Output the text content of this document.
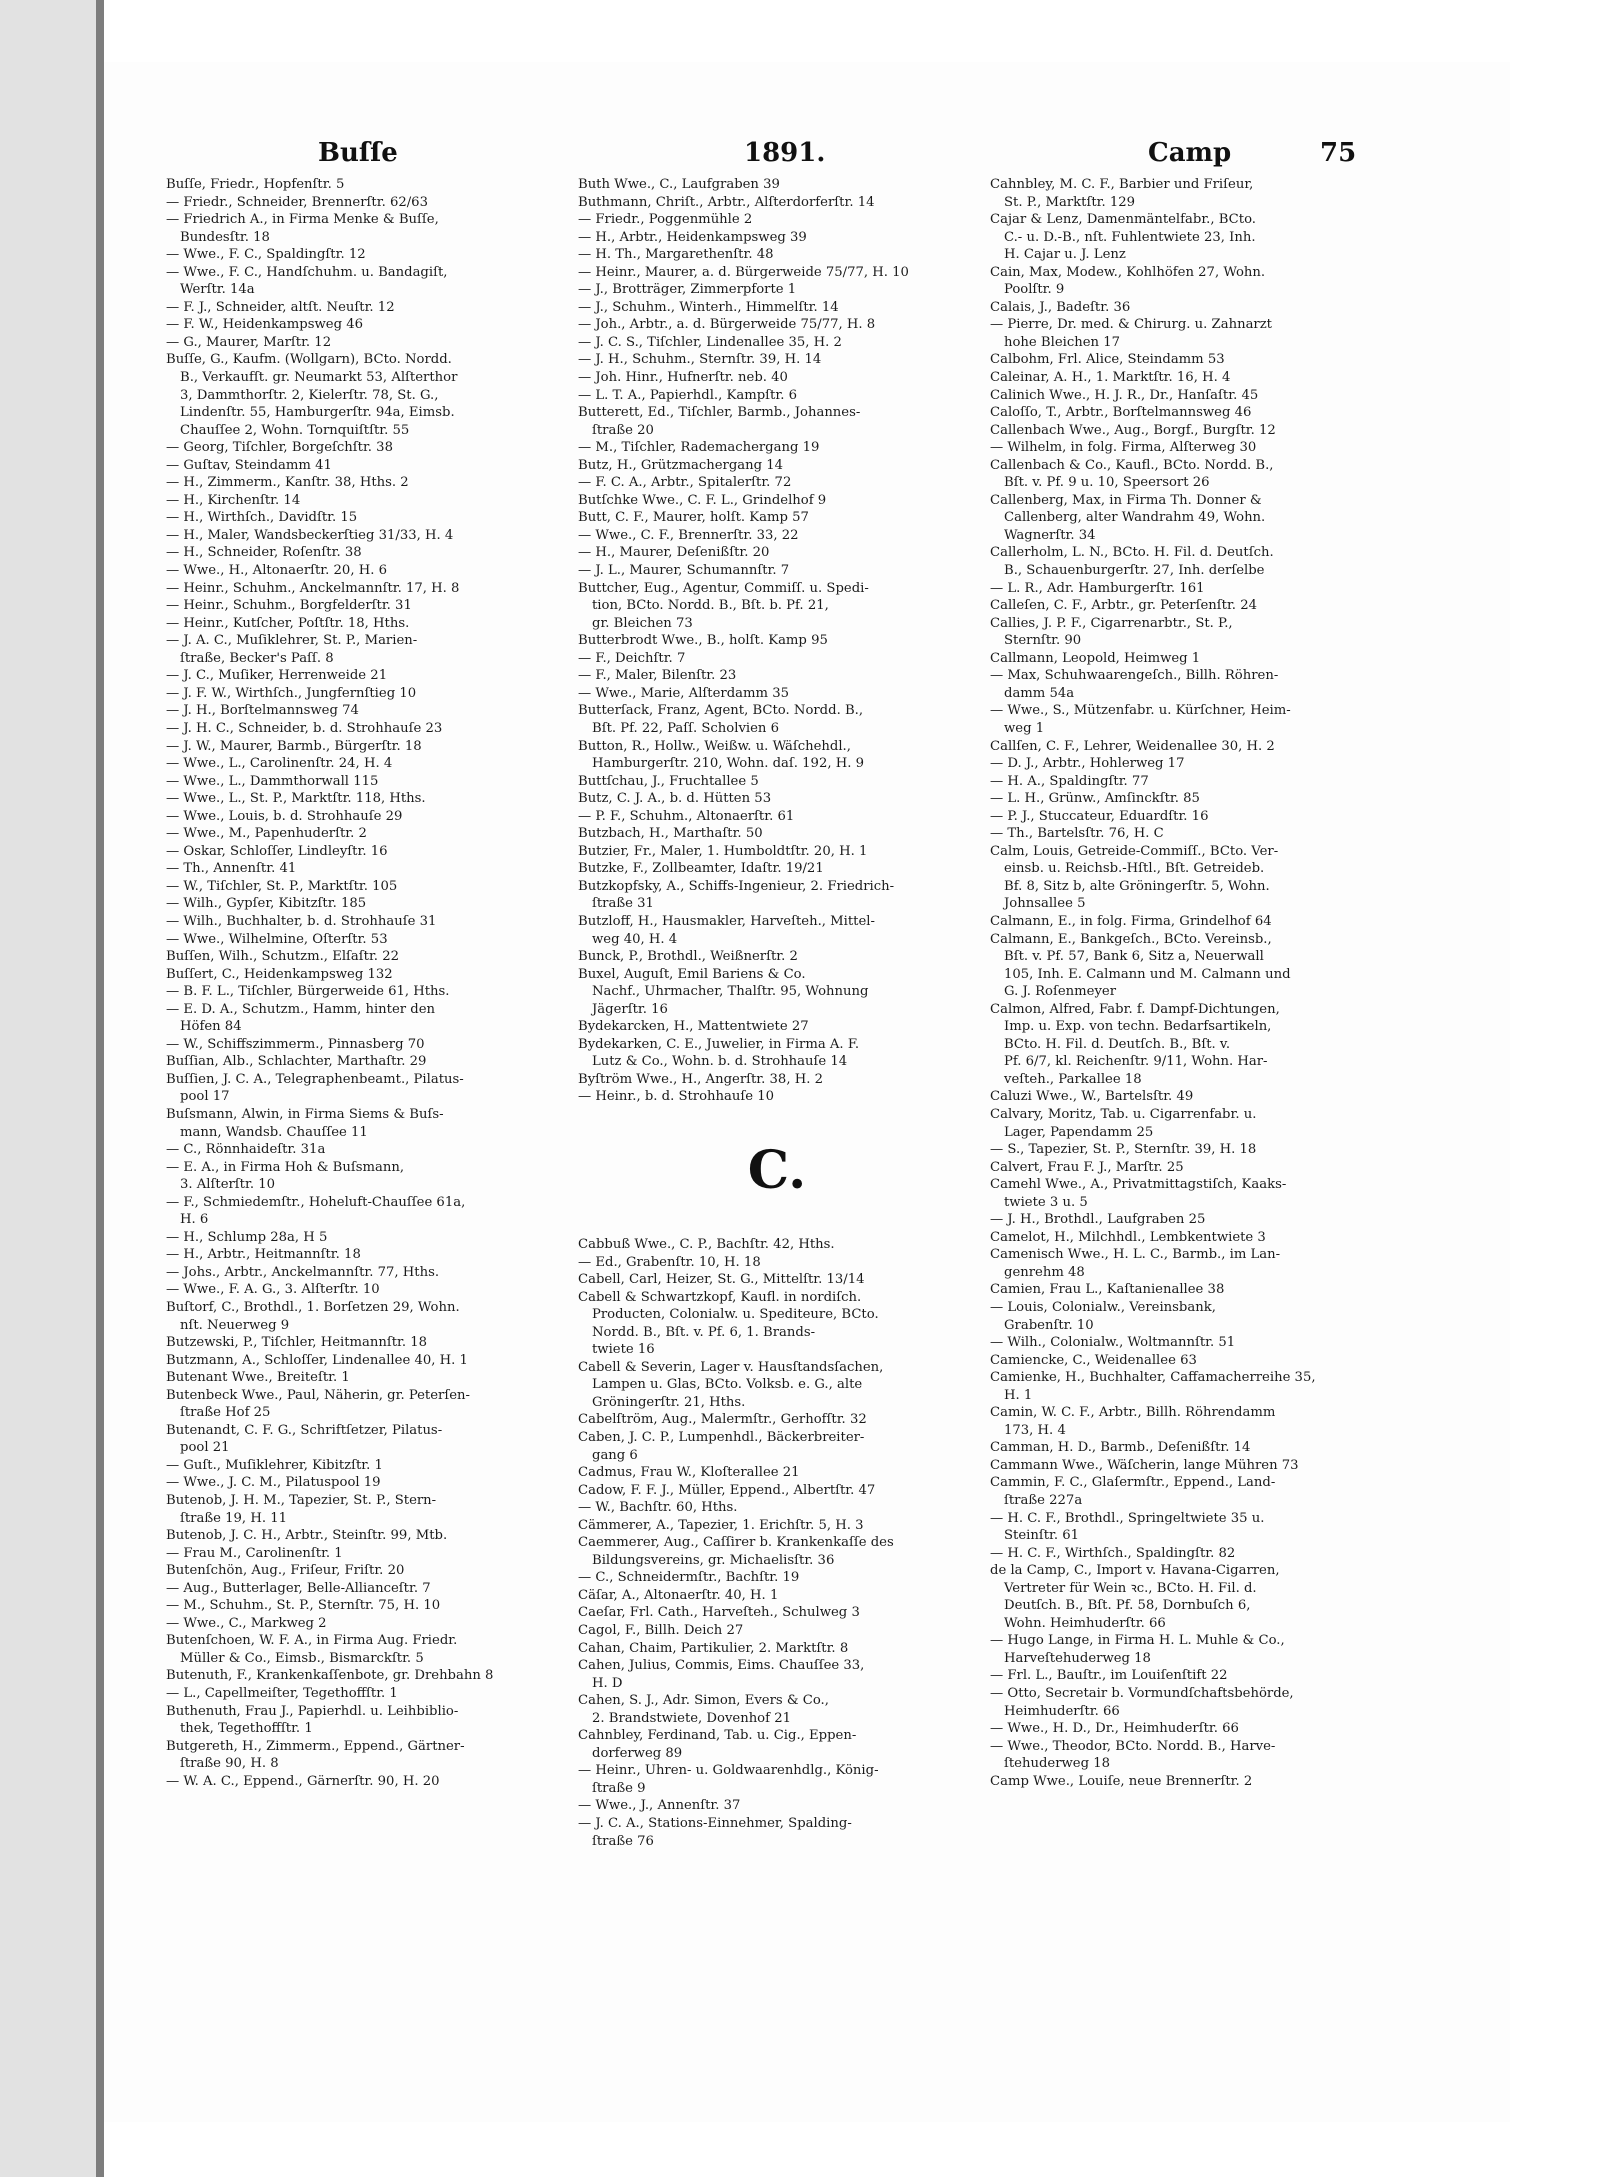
Buſſe	1891.	Camp	75

Buſſe, Friedr., Hopfenſtr. 5

— Friedr., Schneider, Brennerſtr. 62/63

— Friedrich A., in Firma Menke & Buſſe,

Bundesſtr. 18

— Wwe., F. C., Spaldingſtr. 12

— Wwe., F. C., Handſchuhm. u. Bandagiſt,

Werſtr. 14a

— F. J., Schneider, altſt. Neuſtr. 12

— F. W., Heidenkampsweg 46

— G., Maurer, Marſtr. 12

Buſſe, G., Kaufm. (Wollgarn), BCto. Nordd.

B., Verkaufſt. gr. Neumarkt 53, Alſterthor

3, Dammthorſtr. 2, Kielerſtr. 78, St. G.,

Lindenſtr. 55, Hamburgerſtr. 94a, Eimsb.

Chauſſee 2, Wohn. Tornquiſtſtr. 55

— Georg, Tiſchler, Borgeſchſtr. 38

— Guſtav, Steindamm 41

— H., Zimmerm., Kanſtr. 38, Hths. 2

— H., Kirchenſtr. 14

— H., Wirthſch., Davidſtr. 15

— H., Maler, Wandsbeckerſtieg 31/33, H. 4

— H., Schneider, Roſenſtr. 38

— Wwe., H., Altonaerſtr. 20, H. 6

— Heinr., Schuhm., Anckelmannſtr. 17, H. 8

— Heinr., Schuhm., Borgfelderſtr. 31

— Heinr., Kutſcher, Poſtſtr. 18, Hths.

— J. A. C., Muſiklehrer, St. P., Marien-

ſtraße, Becker's Paſſ. 8

— J. C., Muſiker, Herrenweide 21

— J. F. W., Wirthſch., Jungfernſtieg 10

— J. H., Borſtelmannsweg 74

— J. H. C., Schneider, b. d. Strohhauſe 23

— J. W., Maurer, Barmb., Bürgerſtr. 18

— Wwe., L., Carolinenſtr. 24, H. 4

— Wwe., L., Dammthorwall 115

— Wwe., L., St. P., Marktſtr. 118, Hths.

— Wwe., Louis, b. d. Strohhauſe 29

— Wwe., M., Papenhuderſtr. 2

— Oskar, Schloſſer, Lindleyſtr. 16

— Th., Annenſtr. 41

— W., Tiſchler, St. P., Marktſtr. 105

— Wilh., Gypſer, Kibitzſtr. 185

— Wilh., Buchhalter, b. d. Strohhauſe 31

— Wwe., Wilhelmine, Oſterſtr. 53

Buſſen, Wilh., Schutzm., Elſaſtr. 22

Buſſert, C., Heidenkampsweg 132

— B. F. L., Tiſchler, Bürgerweide 61, Hths.

— E. D. A., Schutzm., Hamm, hinter den

Höfen 84

— W., Schiffszimmerm., Pinnasberg 70

Buſſian, Alb., Schlachter, Marthaſtr. 29

Buſſien, J. C. A., Telegraphenbeamt., Pilatus-

pool 17

Buſsmann, Alwin, in Firma Siems & Buſs-

mann, Wandsb. Chauſſee 11

— C., Rönnhaideſtr. 31a

— E. A., in Firma Hoh & Buſsmann,

3. Alſterſtr. 10

— F., Schmiedemſtr., Hoheluft-Chauſſee 61a,

H. 6

— H., Schlump 28a, H 5

— H., Arbtr., Heitmannſtr. 18

— Johs., Arbtr., Anckelmannſtr. 77, Hths.

— Wwe., F. A. G., 3. Alſterſtr. 10

Buſtorf, C., Brothdl., 1. Borſetzen 29, Wohn.

nſt. Neuerweg 9

Butzewski, P., Tiſchler, Heitmannſtr. 18

Butzmann, A., Schloſſer, Lindenallee 40, H. 1

Butenant Wwe., Breiteſtr. 1

Butenbeck Wwe., Paul, Näherin, gr. Peterſen-

ſtraße Hof 25

Butenandt, C. F. G., Schriftſetzer, Pilatus-

pool 21

— Guſt., Muſiklehrer, Kibitzſtr. 1

— Wwe., J. C. M., Pilatuspool 19

Butenob, J. H. M., Tapezier, St. P., Stern-

ſtraße 19, H. 11

Butenob, J. C. H., Arbtr., Steinſtr. 99, Mtb.

— Frau M., Carolinenſtr. 1

Butenſchön, Aug., Friſeur, Friſtr. 20

— Aug., Butterlager, Belle-Allianceſtr. 7

— M., Schuhm., St. P., Sternſtr. 75, H. 10

— Wwe., C., Markweg 2

Butenſchoen, W. F. A., in Firma Aug. Friedr.

Müller & Co., Eimsb., Bismarckſtr. 5

Butenuth, F., Krankenkaſſenbote, gr. Drehbahn 8

— L., Capellmeiſter, Tegethoffſtr. 1

Buthenuth, Frau J., Papierhdl. u. Leihbiblio-

thek, Tegethoffſtr. 1

Butgereth, H., Zimmerm., Eppend., Gärtner-

ſtraße 90, H. 8

— W. A. C., Eppend., Gärnerſtr. 90, H. 20

Buth Wwe., C., Laufgraben 39

Buthmann, Chriſt., Arbtr., Alſterdorferſtr. 14

— Friedr., Poggenmühle 2

— H., Arbtr., Heidenkampsweg 39

— H. Th., Margarethenſtr. 48

— Heinr., Maurer, a. d. Bürgerweide 75/77, H. 10

— J., Brotträger, Zimmerpforte 1

— J., Schuhm., Winterh., Himmelſtr. 14

— Joh., Arbtr., a. d. Bürgerweide 75/77, H. 8

— J. C. S., Tiſchler, Lindenallee 35, H. 2

— J. H., Schuhm., Sternſtr. 39, H. 14

— Joh. Hinr., Hufnerſtr. neb. 40

— L. T. A., Papierhdl., Kampſtr. 6

Butterett, Ed., Tiſchler, Barmb., Johannes-

ſtraße 20

— M., Tiſchler, Rademachergang 19

Butz, H., Grützmachergang 14

— F. C. A., Arbtr., Spitalerſtr. 72

Butſchke Wwe., C. F. L., Grindelhof 9

Butt, C. F., Maurer, holſt. Kamp 57

— Wwe., C. F., Brennerſtr. 33, 22

— H., Maurer, Deſenißſtr. 20

— J. L., Maurer, Schumannſtr. 7

Buttcher, Eug., Agentur, Commiſſ. u. Spedi-

tion, BCto. Nordd. B., Bſt. b. Pf. 21,

gr. Bleichen 73

Butterbrodt Wwe., B., holſt. Kamp 95

— F., Deichſtr. 7

— F., Maler, Bilenſtr. 23

— Wwe., Marie, Alſterdamm 35

Butterſack, Franz, Agent, BCto. Nordd. B.,

Bſt. Pf. 22, Paſſ. Scholvien 6

Button, R., Hollw., Weißw. u. Wäſchehdl.,

Hamburgerſtr. 210, Wohn. daſ. 192, H. 9

Buttſchau, J., Fruchtallee 5

Butz, C. J. A., b. d. Hütten 53

— P. F., Schuhm., Altonaerſtr. 61

Butzbach, H., Marthaſtr. 50

Butzier, Fr., Maler, 1. Humboldtſtr. 20, H. 1

Butzke, F., Zollbeamter, Idaſtr. 19/21

Butzkopfsky, A., Schiffs-Ingenieur, 2. Friedrich-

ſtraße 31

Butzloff, H., Hausmakler, Harveſteh., Mittel-

weg 40, H. 4

Bunck, P., Brothdl., Weißnerſtr. 2

Buxel, Auguſt, Emil Bariens & Co.

Nachf., Uhrmacher, Thalſtr. 95, Wohnung

Jägerſtr. 16

Bydekarcken, H., Mattentwiete 27

Bydekarken, C. E., Juwelier, in Firma A. F.

Lutz & Co., Wohn. b. d. Strohhauſe 14

Byſtröm Wwe., H., Angerſtr. 38, H. 2

— Heinr., b. d. Strohhauſe 10

C.

Cabbuß Wwe., C. P., Bachſtr. 42, Hths.

— Ed., Grabenſtr. 10, H. 18

Cabell, Carl, Heizer, St. G., Mittelſtr. 13/14

Cabell & Schwartzkopf, Kaufl. in nordiſch.

Producten, Colonialw. u. Spediteure, BCto.

Nordd. B., Bſt. v. Pf. 6, 1. Brands-

twiete 16

Cabell & Severin, Lager v. Hausſtandsſachen,

Lampen u. Glas, BCto. Volksb. e. G., alte

Gröningerſtr. 21, Hths.

Cabelſtröm, Aug., Malermſtr., Gerhofſtr. 32

Caben, J. C. P., Lumpenhdl., Bäckerbreiter-

gang 6

Cadmus, Frau W., Kloſterallee 21

Cadow, F. F. J., Müller, Eppend., Albertſtr. 47

— W., Bachſtr. 60, Hths.

Cämmerer, A., Tapezier, 1. Erichſtr. 5, H. 3

Caemmerer, Aug., Caſſirer b. Krankenkaſſe des

Bildungsvereins, gr. Michaelisſtr. 36

— C., Schneidermſtr., Bachſtr. 19

Cäſar, A., Altonaerſtr. 40, H. 1

Caeſar, Frl. Cath., Harveſteh., Schulweg 3

Cagol, F., Billh. Deich 27

Cahan, Chaim, Partikulier, 2. Marktſtr. 8

Cahen, Julius, Commis, Eims. Chauſſee 33,

H. D

Cahen, S. J., Adr. Simon, Evers & Co.,

2. Brandstwiete, Dovenhof 21

Cahnbley, Ferdinand, Tab. u. Cig., Eppen-

dorferweg 89

— Heinr., Uhren- u. Goldwaarenhdlg., König-

ſtraße 9

— Wwe., J., Annenſtr. 37

— J. C. A., Stations-Einnehmer, Spalding-

ſtraße 76

Cahnbley, M. C. F., Barbier und Friſeur,

St. P., Marktſtr. 129

Cajar & Lenz, Damenmäntelfabr., BCto.

C.- u. D.-B., nſt. Fuhlentwiete 23, Inh.

H. Cajar u. J. Lenz

Cain, Max, Modew., Kohlhöfen 27, Wohn.

Poolſtr. 9

Calais, J., Badeſtr. 36

— Pierre, Dr. med. & Chirurg. u. Zahnarzt

hohe Bleichen 17

Calbohm, Frl. Alice, Steindamm 53

Caleinar, A. H., 1. Marktſtr. 16, H. 4

Calinich Wwe., H. J. R., Dr., Hanſaſtr. 45

Caloſſo, T., Arbtr., Borſtelmannsweg 46

Callenbach Wwe., Aug., Borgf., Burgſtr. 12

— Wilhelm, in folg. Firma, Alſterweg 30

Callenbach & Co., Kaufl., BCto. Nordd. B.,

Bſt. v. Pf. 9 u. 10, Speersort 26

Callenberg, Max, in Firma Th. Donner &

Callenberg, alter Wandrahm 49, Wohn.

Wagnerſtr. 34

Callerholm, L. N., BCto. H. Fil. d. Deutſch.

B., Schauenburgerſtr. 27, Inh. derſelbe

— L. R., Adr. Hamburgerſtr. 161

Calleſen, C. F., Arbtr., gr. Peterſenſtr. 24

Callies, J. P. F., Cigarrenarbtr., St. P.,

Sternſtr. 90

Callmann, Leopold, Heimweg 1

— Max, Schuhwaarengeſch., Billh. Röhren-

damm 54a

— Wwe., S., Mützenfabr. u. Kürſchner, Heim-

weg 1

Callſen, C. F., Lehrer, Weidenallee 30, H. 2

— D. J., Arbtr., Hohlerweg 17

— H. A., Spaldingſtr. 77

— L. H., Grünw., Amſinckſtr. 85

— P. J., Stuccateur, Eduardſtr. 16

— Th., Bartelsſtr. 76, H. C

Calm, Louis, Getreide-Commiſſ., BCto. Ver-

einsb. u. Reichsb.-Hſtl., Bſt. Getreideb.

Bf. 8, Sitz b, alte Gröningerſtr. 5, Wohn.

Johnsallee 5

Calmann, E., in folg. Firma, Grindelhof 64

Calmann, E., Bankgeſch., BCto. Vereinsb.,

Bſt. v. Pf. 57, Bank 6, Sitz a, Neuerwall

105, Inh. E. Calmann und M. Calmann und

G. J. Roſenmeyer

Calmon, Alfred, Fabr. f. Dampf-Dichtungen,

Imp. u. Exp. von techn. Bedarfsartikeln,

BCto. H. Fil. d. Deutſch. B., Bſt. v.

Pf. 6/7, kl. Reichenſtr. 9/11, Wohn. Har-

veſteh., Parkallee 18

Caluzi Wwe., W., Bartelsſtr. 49

Calvary, Moritz, Tab. u. Cigarrenfabr. u.

Lager, Papendamm 25

— S., Tapezier, St. P., Sternſtr. 39, H. 18

Calvert, Frau F. J., Marſtr. 25

Camehl Wwe., A., Privatmittagstiſch, Kaaks-

twiete 3 u. 5

— J. H., Brothdl., Laufgraben 25

Camelot, H., Milchhdl., Lembkentwiete 3

Camenisch Wwe., H. L. C., Barmb., im Lan-

genrehm 48

Camien, Frau L., Kaſtanienallee 38

— Louis, Colonialw., Vereinsbank,

Grabenſtr. 10

— Wilh., Colonialw., Woltmannſtr. 51

Camiencke, C., Weidenallee 63

Camienke, H., Buchhalter, Caffamacherreihe 35,

H. 1

Camin, W. C. F., Arbtr., Billh. Röhrendamm

173, H. 4

Camman, H. D., Barmb., Deſenißſtr. 14

Cammann Wwe., Wäſcherin, lange Mühren 73

Cammin, F. C., Glaſermſtr., Eppend., Land-

ſtraße 227a

— H. C. F., Brothdl., Springeltwiete 35 u.

Steinſtr. 61

— H. C. F., Wirthſch., Spaldingſtr. 82

de la Camp, C., Import v. Havana-Cigarren,

Vertreter für Wein ꝛc., BCto. H. Fil. d.

Deutſch. B., Bſt. Pf. 58, Dornbuſch 6,

Wohn. Heimhuderſtr. 66

— Hugo Lange, in Firma H. L. Muhle & Co.,

Harveſtehuderweg 18

— Frl. L., Bauſtr., im Louiſenſtift 22

— Otto, Secretair b. Vormundſchaftsbehörde,

Heimhuderſtr. 66

— Wwe., H. D., Dr., Heimhuderſtr. 66

— Wwe., Theodor, BCto. Nordd. B., Harve-

ſtehuderweg 18

Camp Wwe., Louiſe, neue Brennerſtr. 2
